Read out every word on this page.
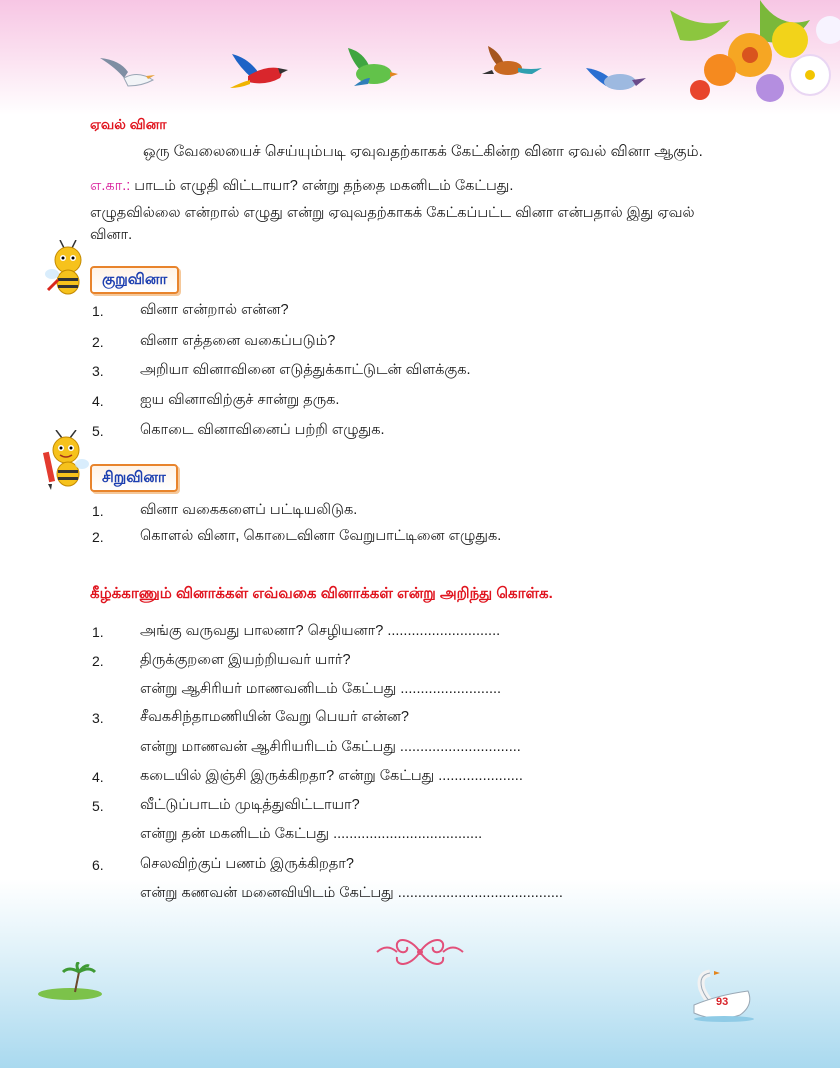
ஏவல் வினா
ஒரு வேலையைச் செய்யும்படி ஏவுவதற்காகக் கேட்கின்ற வினா ஏவல் வினா ஆகும்.
எ.கா.: பாடம் எழுதி விட்டாயா? என்று தந்தை மகனிடம் கேட்பது.
எழுதவில்லை என்றால் எழுது என்று ஏவுவதற்காகக் கேட்கப்பட்ட வினா என்பதால் இது ஏவல்
வினா.
குறுவினா
1.	வினா என்றால் என்ன?
2.	வினா எத்தனை வகைப்படும்?
3.	அறியா வினாவினை எடுத்துக்காட்டுடன் விளக்குக.
4.	ஐய வினாவிற்குச் சான்று தருக.
5.	கொடை வினாவினைப் பற்றி எழுதுக.
சிறுவினா
1.	வினா வகைகளைப் பட்டியலிடுக.
2.	கொளல் வினா, கொடைவினா வேறுபாட்டினை எழுதுக.
கீழ்க்காணும் வினாக்கள் எவ்வகை வினாக்கள் என்று அறிந்து கொள்க.
1.	அங்கு வருவது பாலனா? செழியனா? ............................
2.	திருக்குறளை இயற்றியவர் யார்?
என்று ஆசிரியர் மாணவனிடம் கேட்பது .........................
3.	சீவகசிந்தாமணியின் வேறு பெயர் என்ன?
என்று மாணவன் ஆசிரியரிடம் கேட்பது ..............................
4.	கடையில் இஞ்சி இருக்கிறதா? என்று கேட்பது .....................
5.	வீட்டுப்பாடம் முடித்துவிட்டாயா?
என்று தன் மகனிடம் கேட்பது .....................................
6.	செலவிற்குப் பணம் இருக்கிறதா?
என்று கணவன் மனைவியிடம் கேட்பது .........................................
93
